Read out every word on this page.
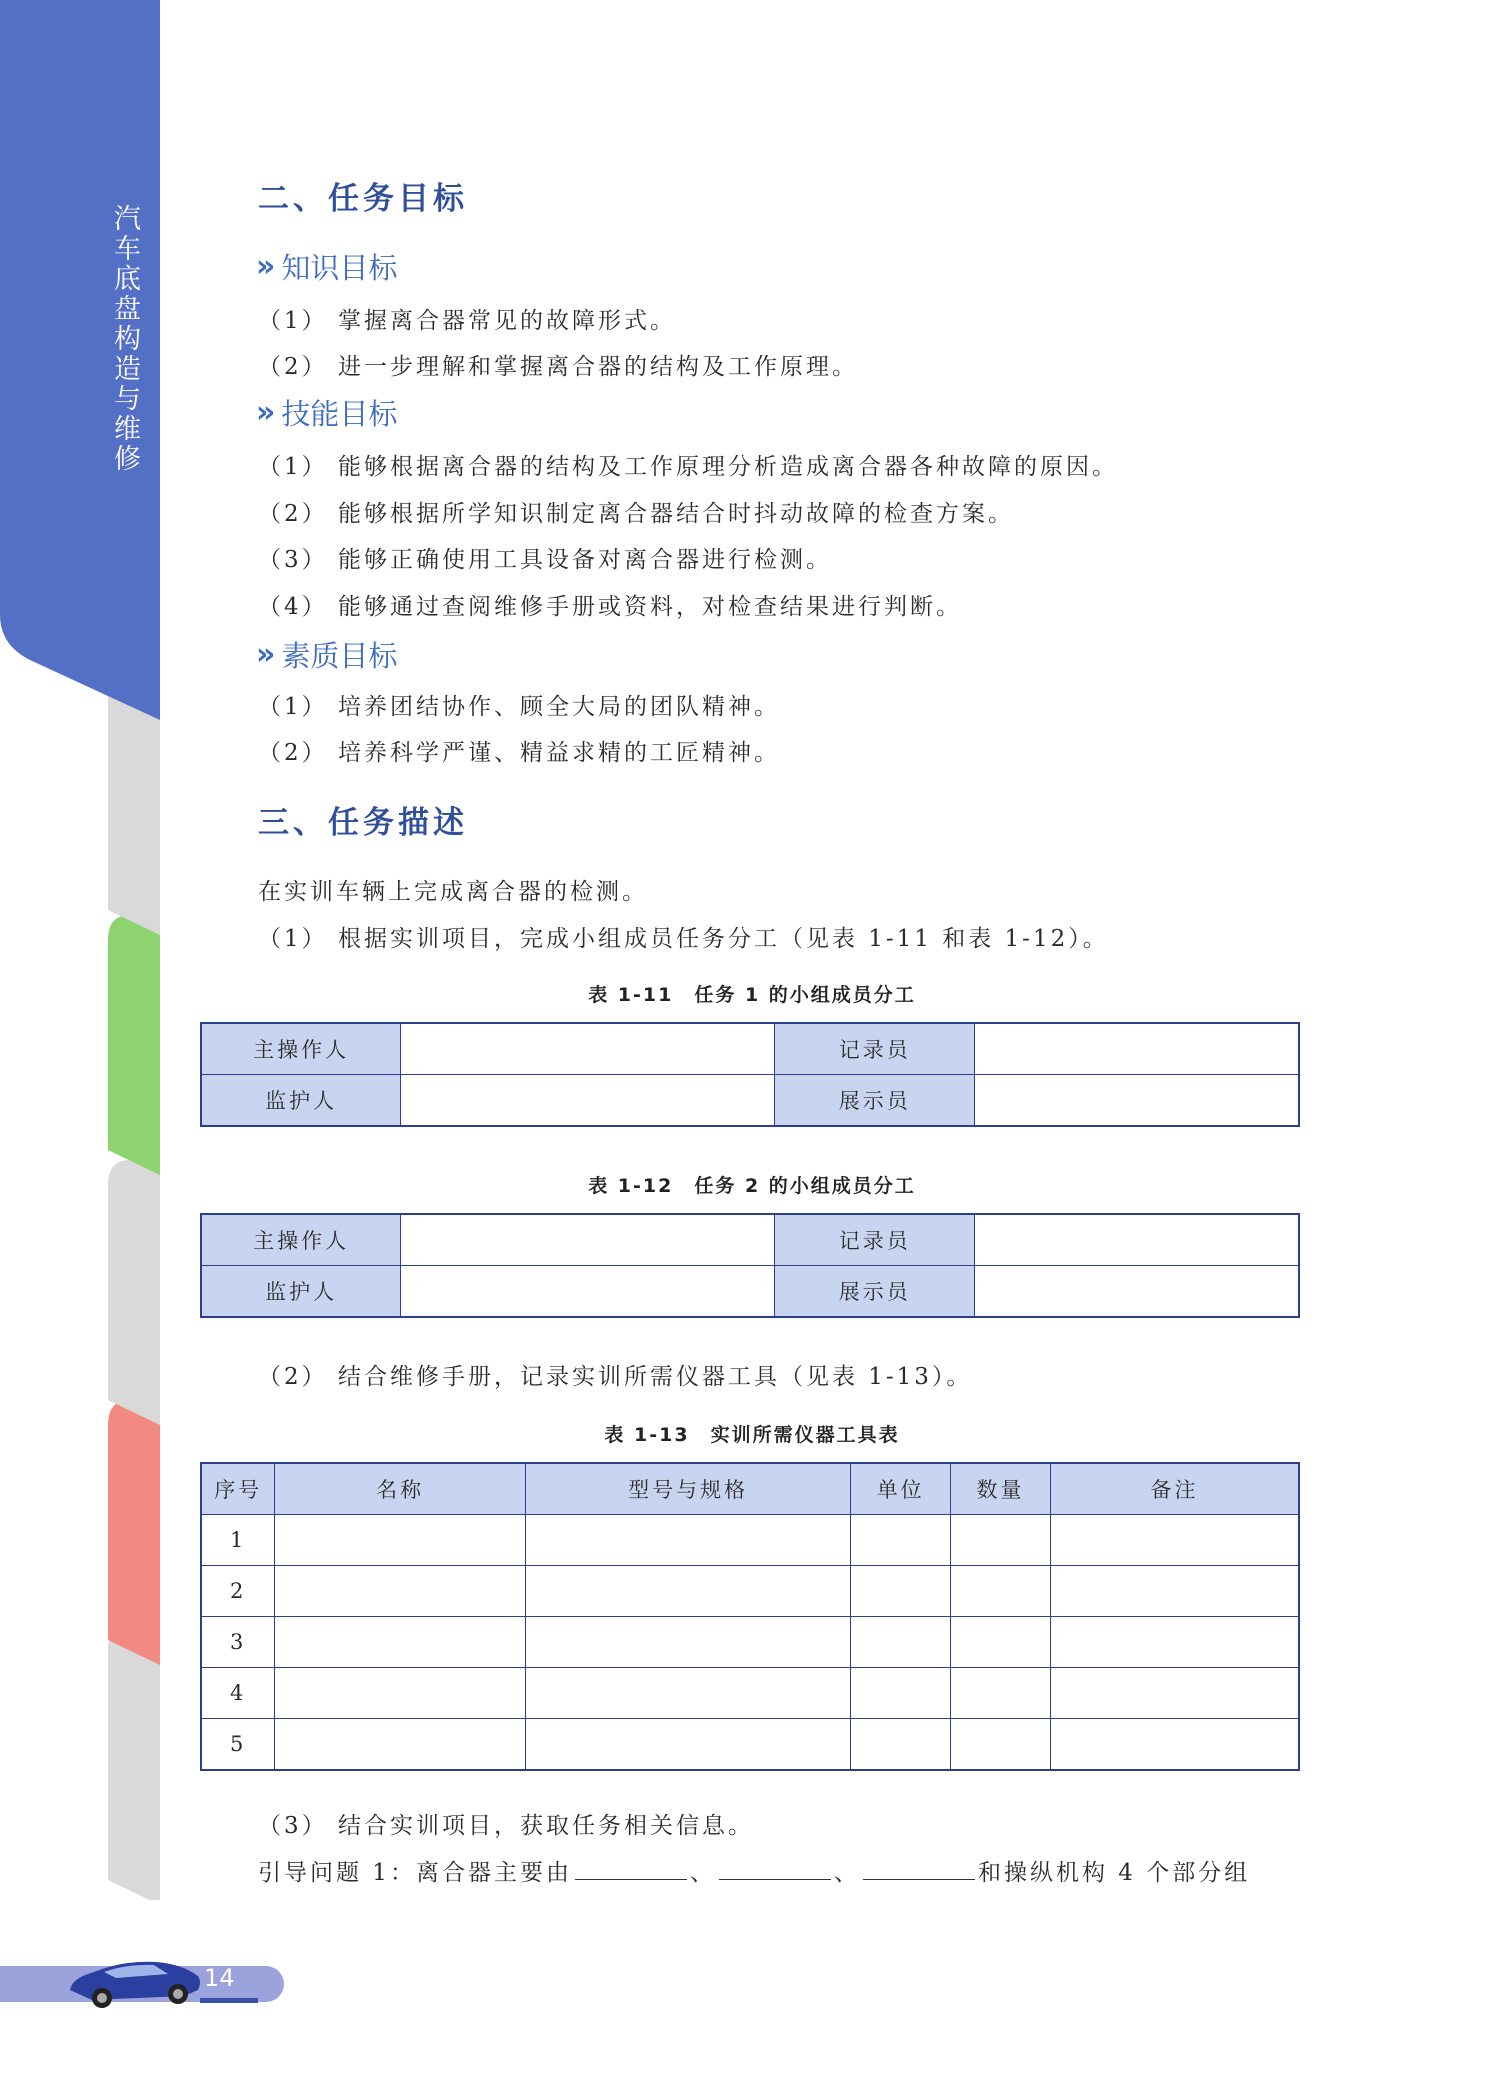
汽车底盘构造与维修
二、任务目标
» 知识目标
（1） 掌握离合器常见的故障形式。
（2） 进一步理解和掌握离合器的结构及工作原理。
» 技能目标
（1） 能够根据离合器的结构及工作原理分析造成离合器各种故障的原因。
（2） 能够根据所学知识制定离合器结合时抖动故障的检查方案。
（3） 能够正确使用工具设备对离合器进行检测。
（4） 能够通过查阅维修手册或资料，对检查结果进行判断。
» 素质目标
（1） 培养团结协作、顾全大局的团队精神。
（2） 培养科学严谨、精益求精的工匠精神。
三、任务描述
在实训车辆上完成离合器的检测。
（1） 根据实训项目，完成小组成员任务分工（见表 1-11 和表 1-12）。
表 1-11　任务 1 的小组成员分工
主操作人		记录员	
监护人		展示员	
表 1-12　任务 2 的小组成员分工
主操作人		记录员	
监护人		展示员	
（2） 结合维修手册，记录实训所需仪器工具（见表 1-13）。
表 1-13　实训所需仪器工具表
序号	名称	型号与规格	单位	数量	备注
1					
2					
3					
4					
5					
（3） 结合实训项目，获取任务相关信息。
引导问题 1：离合器主要由	、	、	和操纵机构 4 个部分组
14
